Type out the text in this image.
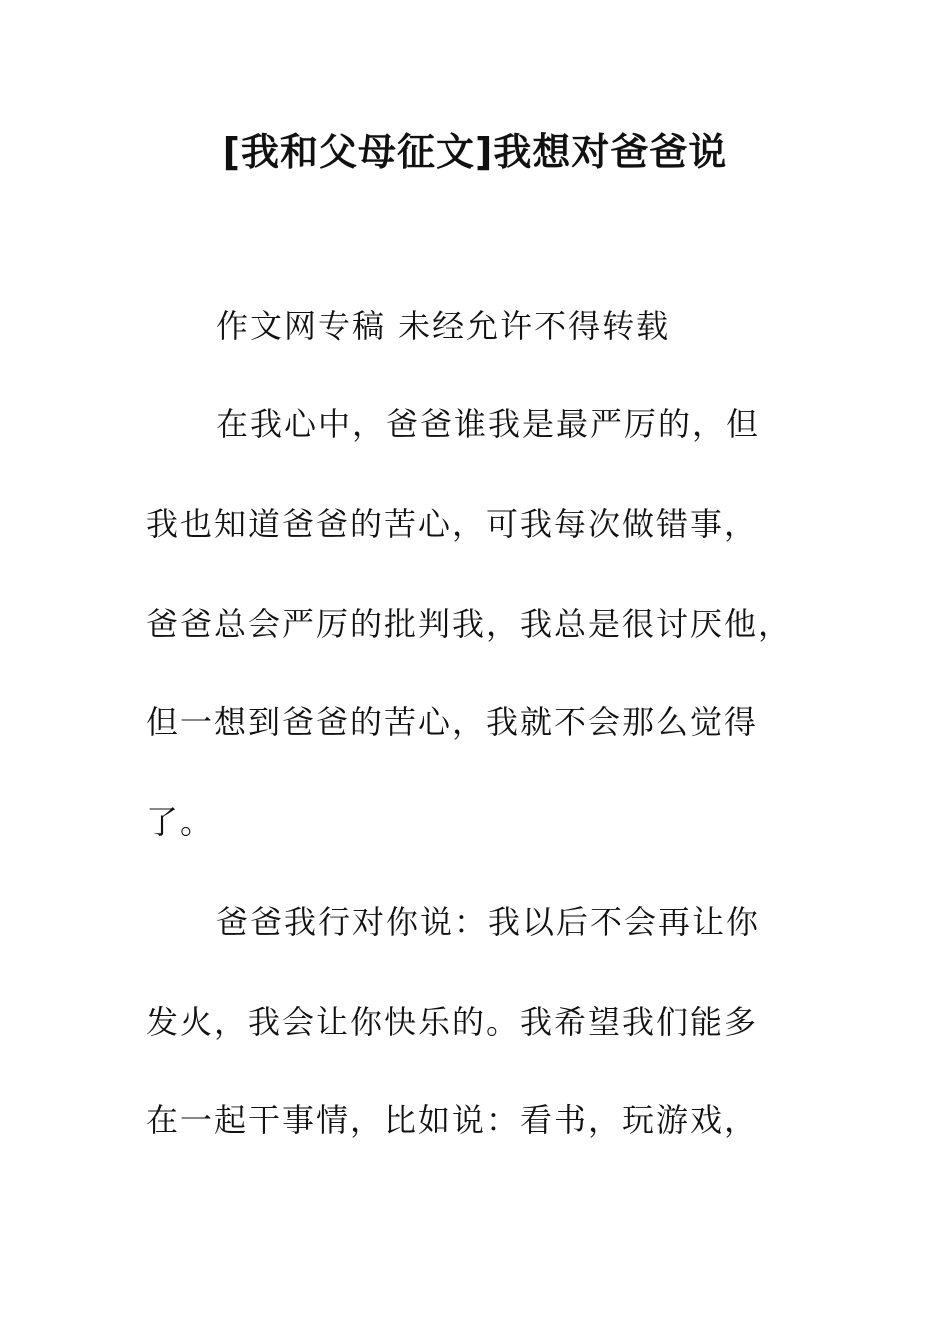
[我和父母征文]我想对爸爸说

作文网专稿 未经允许不得转载

在我心中，爸爸谁我是最严厉的，但

我也知道爸爸的苦心，可我每次做错事，

爸爸总会严厉的批判我，我总是很讨厌他，

但一想到爸爸的苦心，我就不会那么觉得

了。

爸爸我行对你说：我以后不会再让你

发火，我会让你快乐的。我希望我们能多

在一起干事情，比如说：看书，玩游戏，
